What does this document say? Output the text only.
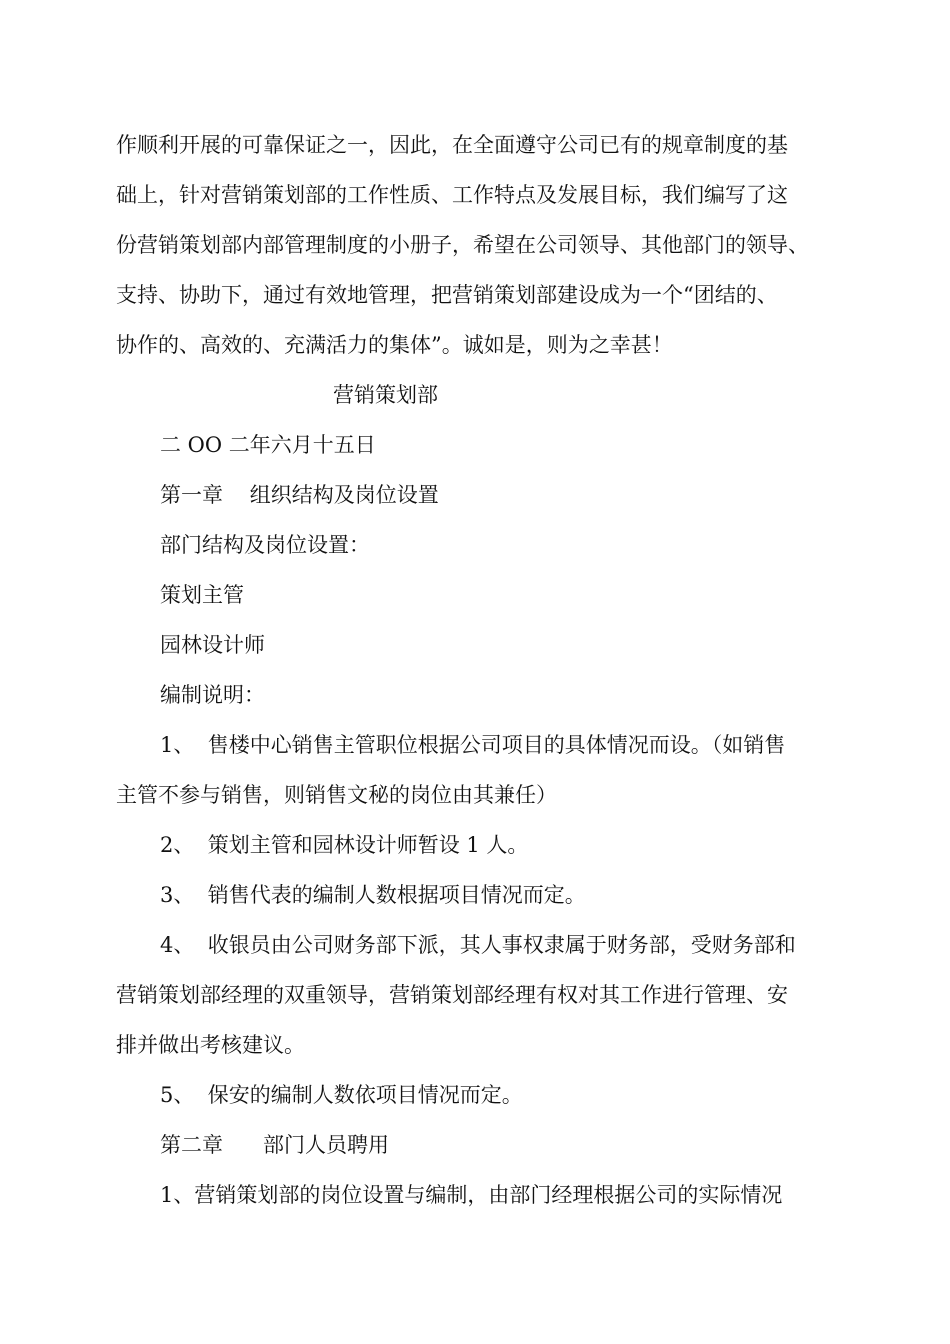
作顺利开展的可靠保证之一，因此，在全面遵守公司已有的规章制度的基
础上，针对营销策划部的工作性质、工作特点及发展目标，我们编写了这
份营销策划部内部管理制度的小册子，希望在公司领导、其他部门的领导、
支持、协助下，通过有效地管理，把营销策划部建设成为一个“团结的、
协作的、高效的、充满活力的集体”。诚如是，则为之幸甚！
营销策划部
二 OO 二年六月十五日
第一章    组织结构及岗位设置
部门结构及岗位设置：
策划主管
园林设计师
编制说明：
1、  售楼中心销售主管职位根据公司项目的具体情况而设。（如销售
主管不参与销售，则销售文秘的岗位由其兼任）
2、  策划主管和园林设计师暂设 1 人。
3、  销售代表的编制人数根据项目情况而定。
4、  收银员由公司财务部下派，其人事权隶属于财务部，受财务部和
营销策划部经理的双重领导，营销策划部经理有权对其工作进行管理、安
排并做出考核建议。
5、  保安的编制人数依项目情况而定。
第二章      部门人员聘用
1、营销策划部的岗位设置与编制，由部门经理根据公司的实际情况
